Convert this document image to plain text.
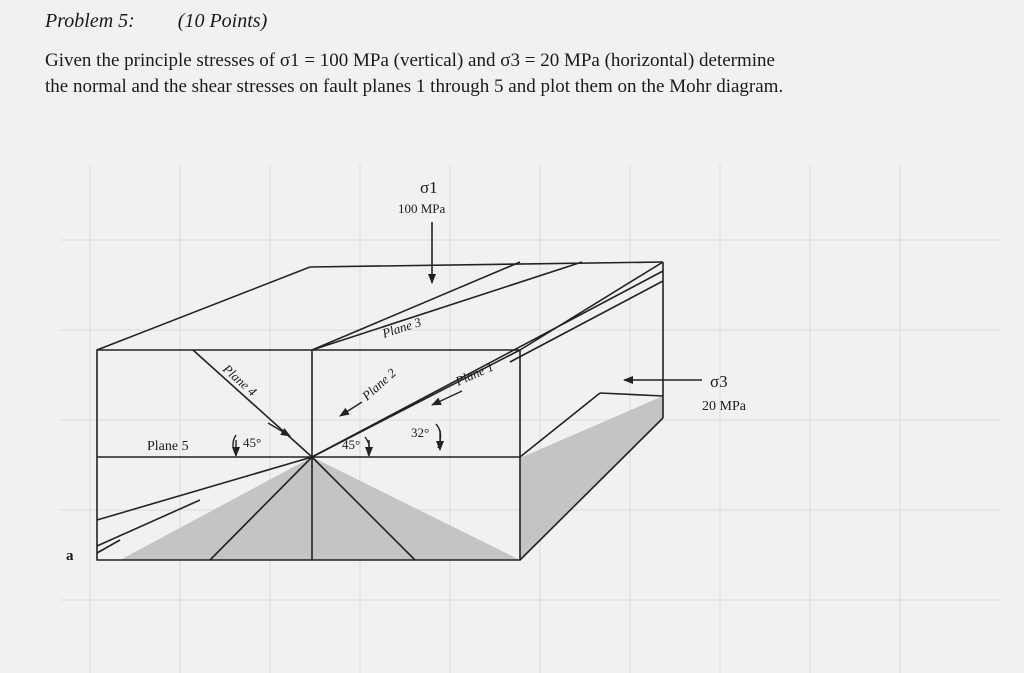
Problem 5: (10 Points)
Given the principle stresses of σ1 = 100 MPa (vertical) and σ3 = 20 MPa (horizontal) determine
the normal and the shear stresses on fault planes 1 through 5 and plot them on the Mohr diagram.
σ1
100 MPa
σ3
20 MPa
Plane 3
Plane 2	Plane 1
Plane 4
Plane 5	45°	45°
32°
a
